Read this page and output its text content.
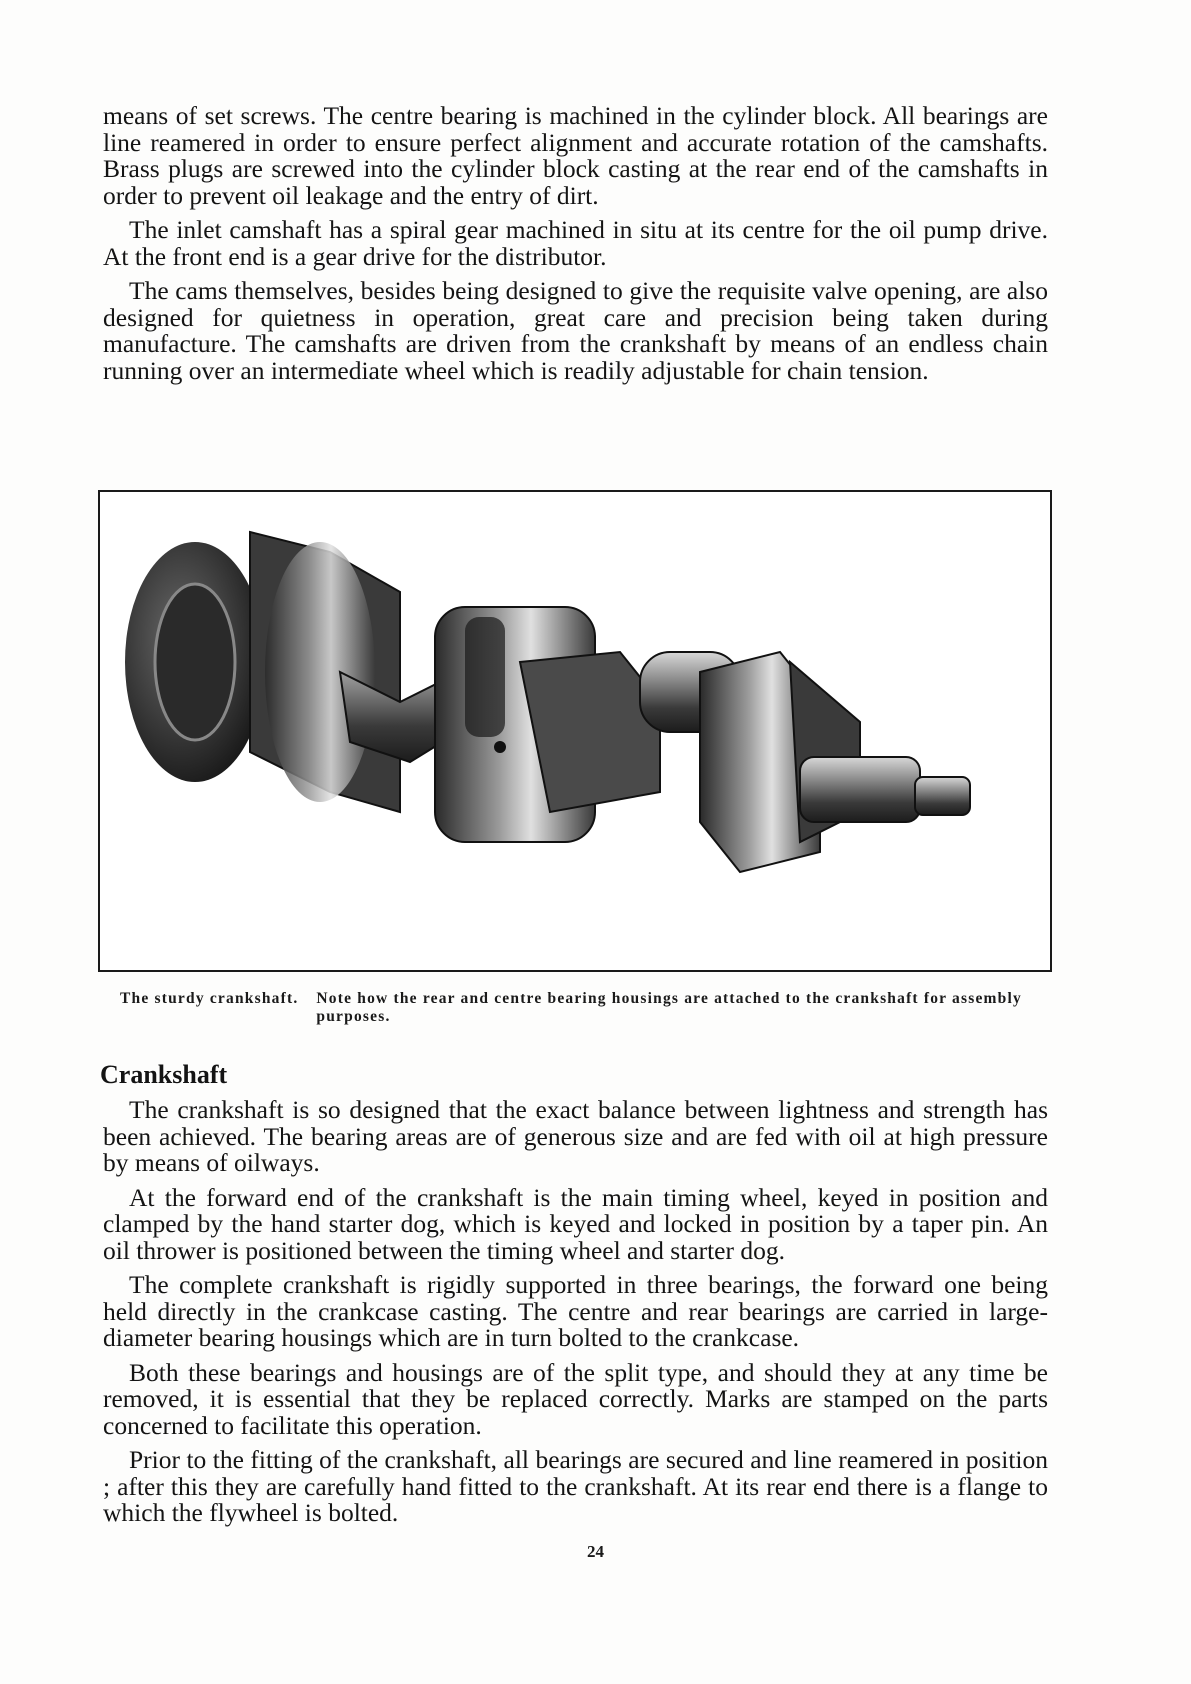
means of set screws. The centre bearing is machined in the cylinder block. All bearings are line reamered in order to ensure perfect alignment and accurate rotation of the camshafts. Brass plugs are screwed into the cylinder block casting at the rear end of the camshafts in order to prevent oil leakage and the entry of dirt.

The inlet camshaft has a spiral gear machined in situ at its centre for the oil pump drive. At the front end is a gear drive for the distributor.

The cams themselves, besides being designed to give the requisite valve opening, are also designed for quietness in operation, great care and precision being taken during manufacture. The camshafts are driven from the crankshaft by means of an endless chain running over an intermediate wheel which is readily adjustable for chain tension.

The sturdy crankshaft. Note how the rear and centre bearing housings are attached to the crankshaft for assembly purposes.
Crankshaft

The crankshaft is so designed that the exact balance between lightness and strength has been achieved. The bearing areas are of generous size and are fed with oil at high pressure by means of oilways.

At the forward end of the crankshaft is the main timing wheel, keyed in position and clamped by the hand starter dog, which is keyed and locked in position by a taper pin. An oil thrower is positioned between the timing wheel and starter dog.

The complete crankshaft is rigidly supported in three bearings, the forward one being held directly in the crankcase casting. The centre and rear bearings are carried in large-diameter bearing housings which are in turn bolted to the crankcase.

Both these bearings and housings are of the split type, and should they at any time be removed, it is essential that they be replaced correctly. Marks are stamped on the parts concerned to facilitate this operation.

Prior to the fitting of the crankshaft, all bearings are secured and line reamered in position ; after this they are carefully hand fitted to the crankshaft. At its rear end there is a flange to which the flywheel is bolted.

24
